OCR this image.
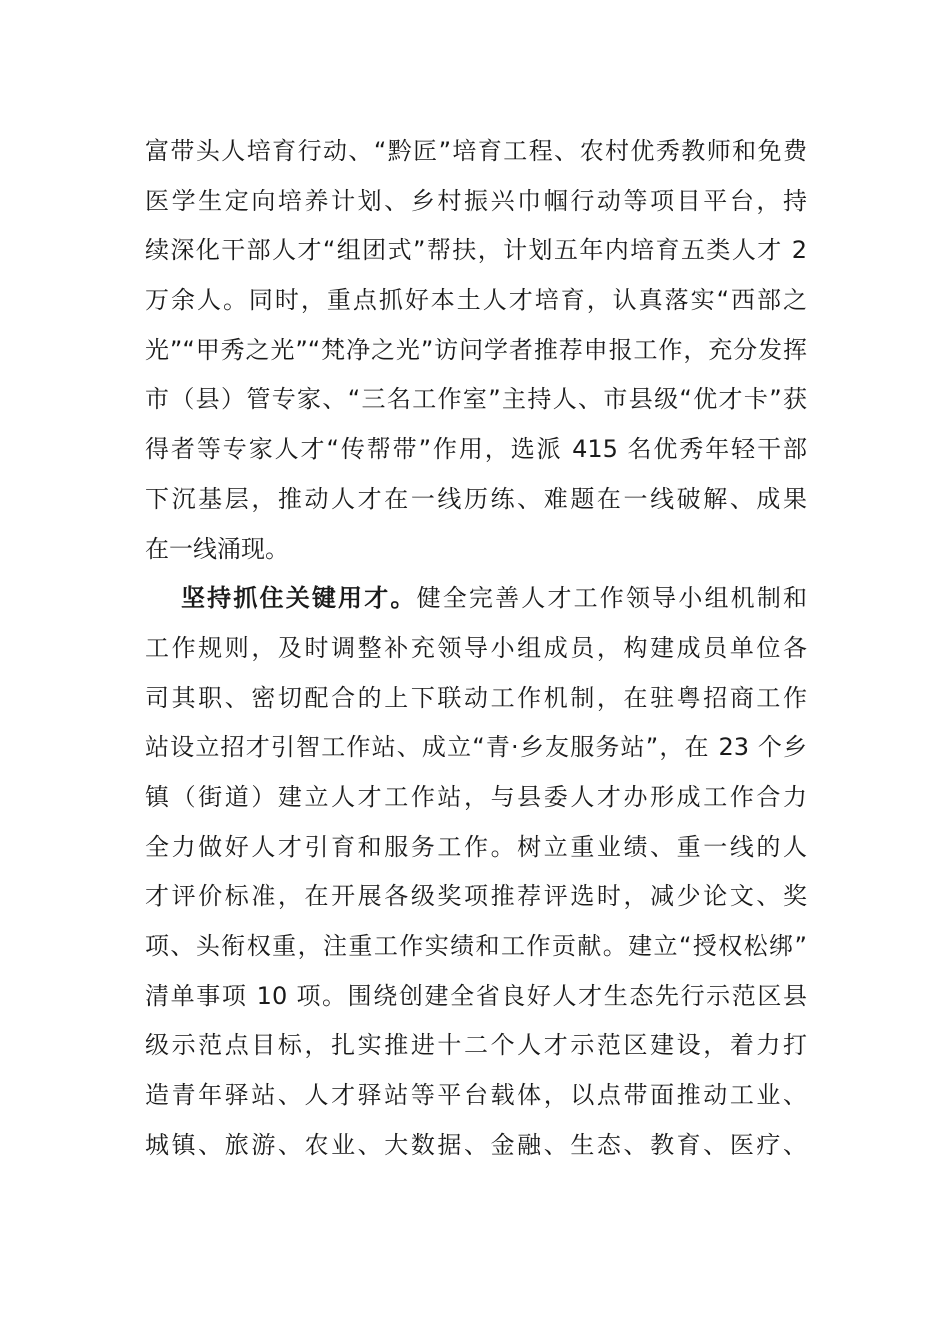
富带头人培育行动、“黔匠”培育工程、农村优秀教师和免费
医学生定向培养计划、乡村振兴巾帼行动等项目平台，持
续深化干部人才“组团式”帮扶，计划五年内培育五类人才 2
万余人。同时，重点抓好本土人才培育，认真落实“西部之
光”“甲秀之光”“梵净之光”访问学者推荐申报工作，充分发挥
市（县）管专家、“三名工作室”主持人、市县级“优才卡”获
得者等专家人才“传帮带”作用，选派 415 名优秀年轻干部
下沉基层，推动人才在一线历练、难题在一线破解、成果
在一线涌现。
坚持抓住关键用才。健全完善人才工作领导小组机制和
工作规则，及时调整补充领导小组成员，构建成员单位各
司其职、密切配合的上下联动工作机制，在驻粤招商工作
站设立招才引智工作站、成立“青·乡友服务站”，在 23 个乡
镇（街道）建立人才工作站，与县委人才办形成工作合力
全力做好人才引育和服务工作。树立重业绩、重一线的人
才评价标准，在开展各级奖项推荐评选时，减少论文、奖
项、头衔权重，注重工作实绩和工作贡献。建立“授权松绑”
清单事项 10 项。围绕创建全省良好人才生态先行示范区县
级示范点目标，扎实推进十二个人才示范区建设，着力打
造青年驿站、人才驿站等平台载体，以点带面推动工业、
城镇、旅游、农业、大数据、金融、生态、教育、医疗、
